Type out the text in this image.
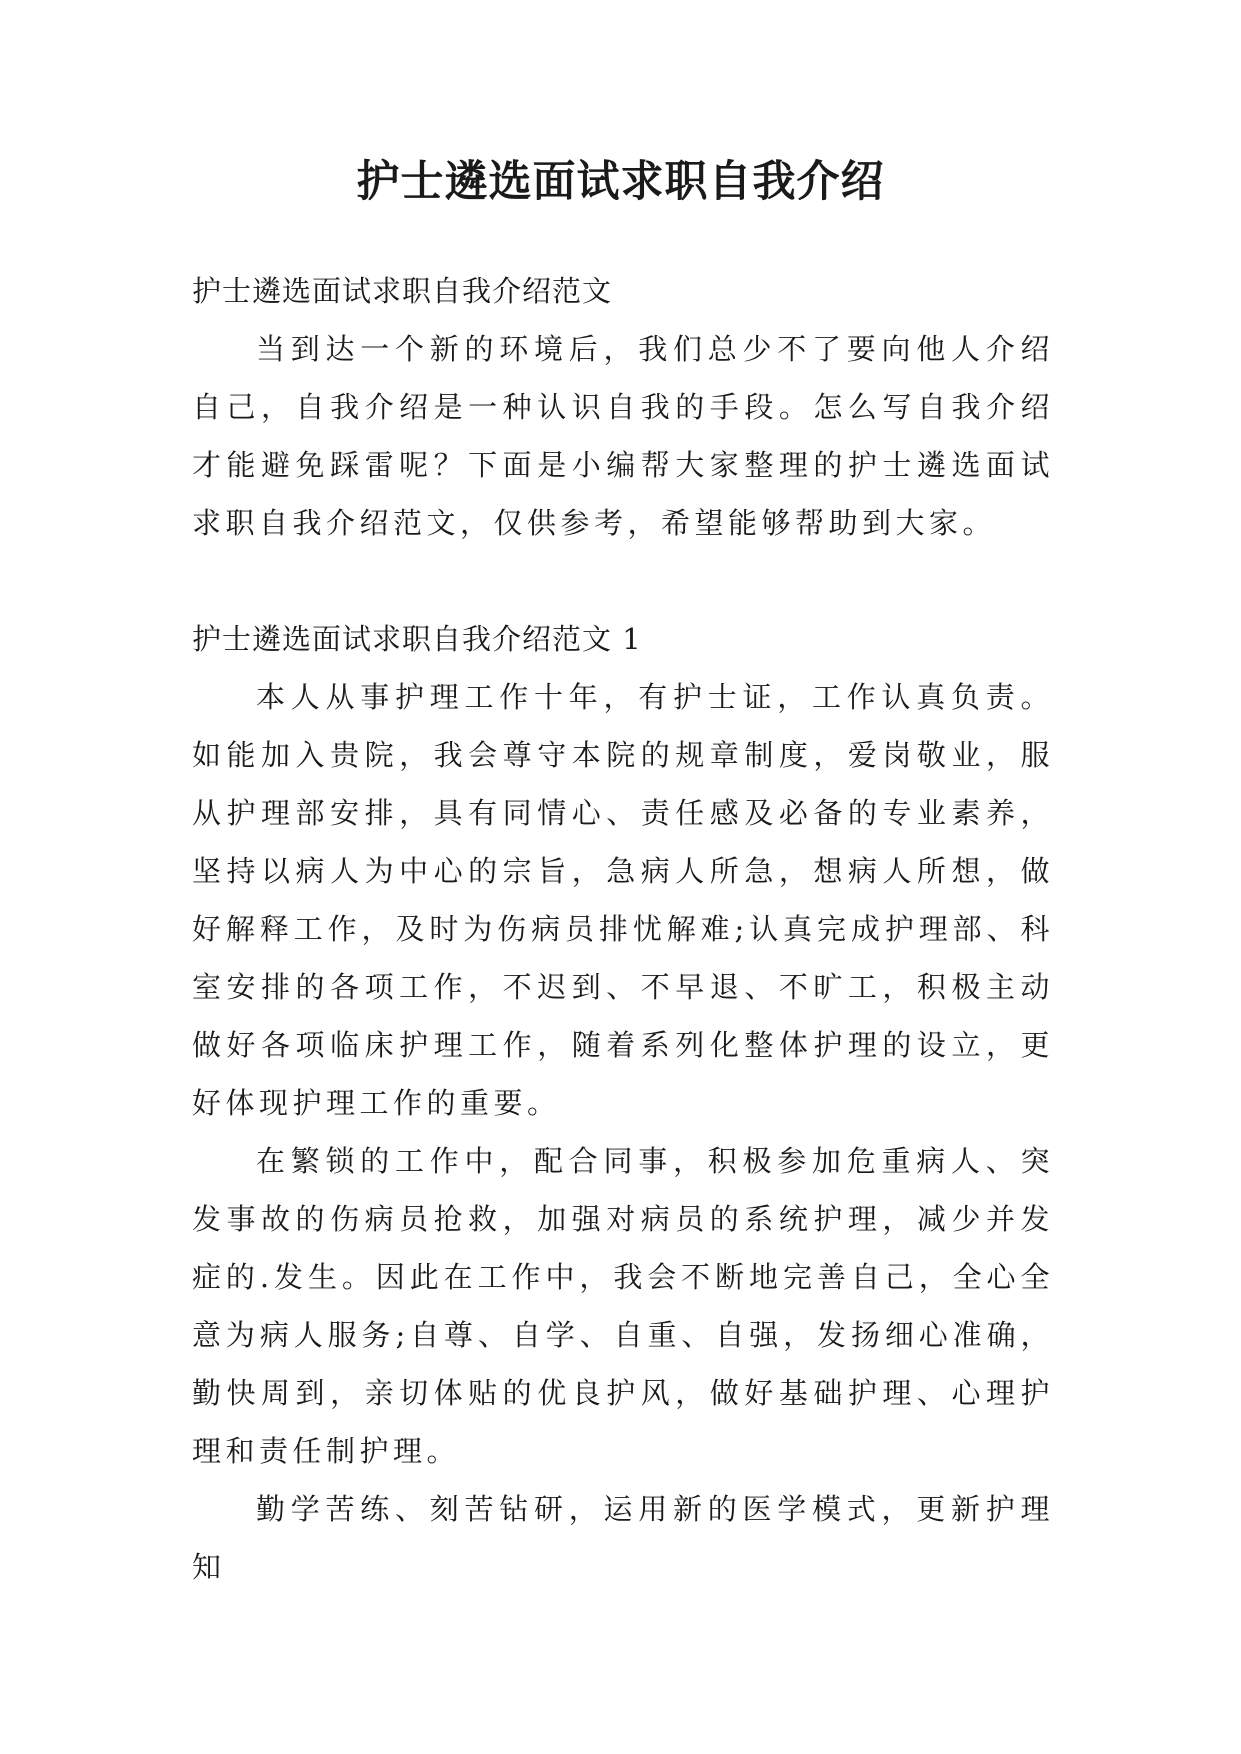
护士遴选面试求职自我介绍

护士遴选面试求职自我介绍范文

当到达一个新的环境后，我们总少不了要向他人介绍自己，自我介绍是一种认识自我的手段。怎么写自我介绍才能避免踩雷呢？下面是小编帮大家整理的护士遴选面试求职自我介绍范文，仅供参考，希望能够帮助到大家。

护士遴选面试求职自我介绍范文 1

本人从事护理工作十年，有护士证，工作认真负责。如能加入贵院，我会尊守本院的规章制度，爱岗敬业，服从护理部安排，具有同情心、责任感及必备的专业素养，坚持以病人为中心的宗旨，急病人所急，想病人所想，做好解释工作，及时为伤病员排忧解难;认真完成护理部、科室安排的各项工作，不迟到、不早退、不旷工，积极主动做好各项临床护理工作，随着系列化整体护理的设立，更好体现护理工作的重要。

在繁锁的工作中，配合同事，积极参加危重病人、突发事故的伤病员抢救，加强对病员的系统护理，减少并发症的.发生。因此在工作中，我会不断地完善自己，全心全意为病人服务;自尊、自学、自重、自强，发扬细心准确，勤快周到，亲切体贴的优良护风，做好基础护理、心理护理和责任制护理。

勤学苦练、刻苦钻研，运用新的医学模式，更新护理知
